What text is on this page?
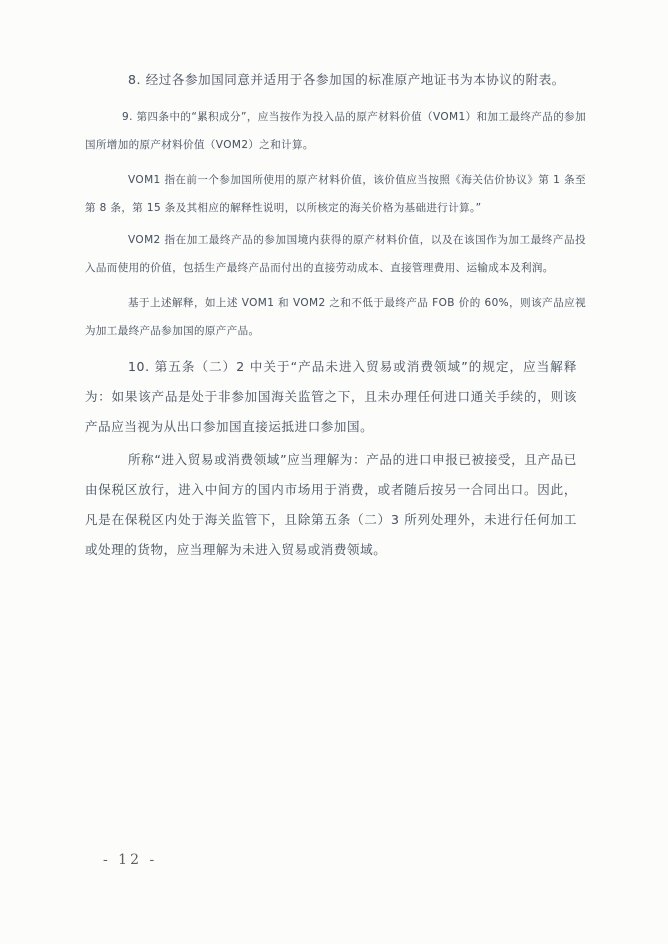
8. 经过各参加国同意并适用于各参加国的标准原产地证书为本协议的附表。

9. 第四条中的“累积成分”，应当按作为投入品的原产材料价值（VOM1）和加工最终产品的参加国所增加的原产材料价值（VOM2）之和计算。

VOM1 指在前一个参加国所使用的原产材料价值，该价值应当按照《海关估价协议》第 1 条至第 8 条，第 15 条及其相应的解释性说明，以所核定的海关价格为基础进行计算。”

VOM2 指在加工最终产品的参加国境内获得的原产材料价值，以及在该国作为加工最终产品投入品而使用的价值，包括生产最终产品而付出的直接劳动成本、直接管理费用、运输成本及利润。

基于上述解释，如上述 VOM1 和 VOM2 之和不低于最终产品 FOB 价的 60%，则该产品应视为加工最终产品参加国的原产产品。

10. 第五条（二）2 中关于“产品未进入贸易或消费领域”的规定，应当解释为：如果该产品是处于非参加国海关监管之下，且未办理任何进口通关手续的，则该产品应当视为从出口参加国直接运抵进口参加国。

所称“进入贸易或消费领域”应当理解为：产品的进口申报已被接受，且产品已由保税区放行，进入中间方的国内市场用于消费，或者随后按另一合同出口。因此，凡是在保税区内处于海关监管下，且除第五条（二）3 所列处理外，未进行任何加工或处理的货物，应当理解为未进入贸易或消费领域。

- 12 -
